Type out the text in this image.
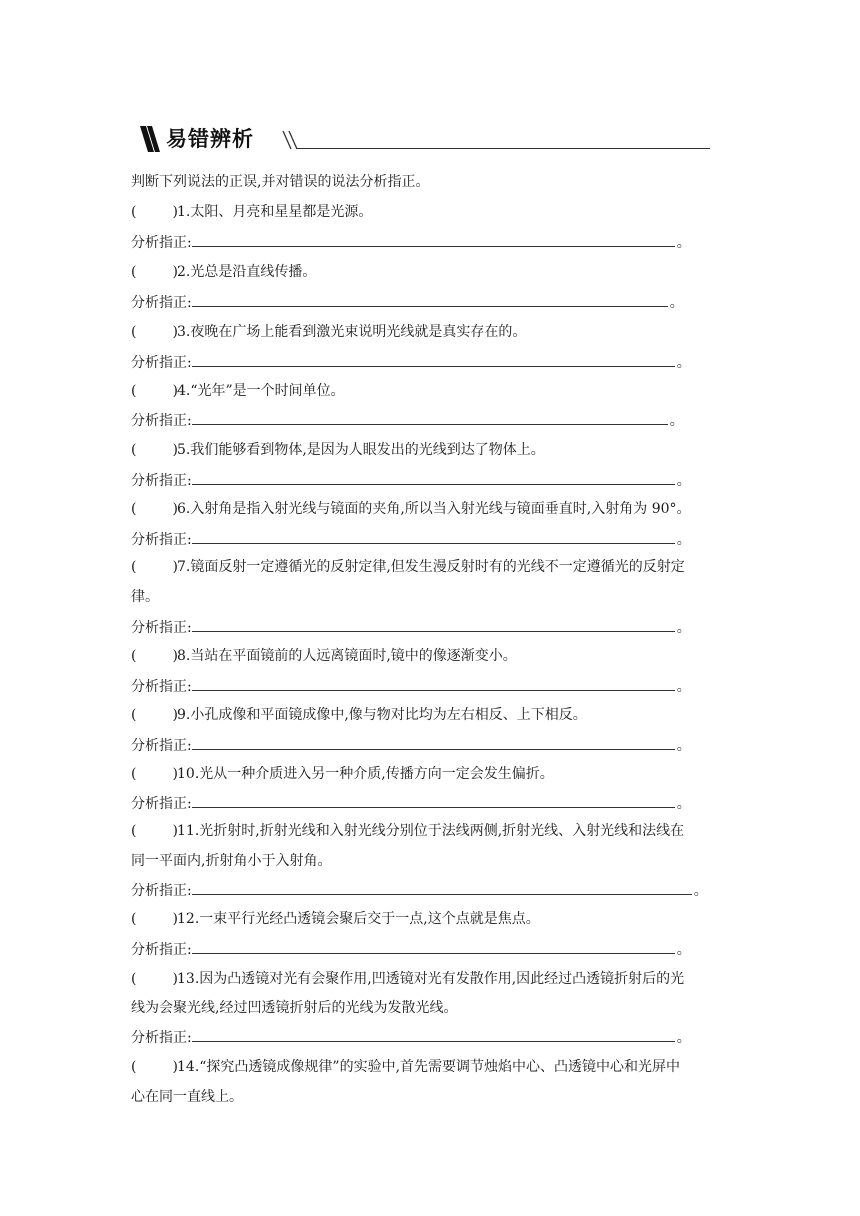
易错辨析
判断下列说法的正误,并对错误的说法分析指正。
(	)1.太阳、月亮和星星都是光源。
分析指正:	。
(	)2.光总是沿直线传播。
分析指正:	。
(	)3.夜晚在广场上能看到激光束说明光线就是真实存在的。
分析指正:	。
(	)4.“光年”是一个时间单位。
分析指正:	。
(	)5.我们能够看到物体,是因为人眼发出的光线到达了物体上。
分析指正:	。
(	)6.入射角是指入射光线与镜面的夹角,所以当入射光线与镜面垂直时,入射角为 90°。
分析指正:	。
(	)7.镜面反射一定遵循光的反射定律,但发生漫反射时有的光线不一定遵循光的反射定
律。
分析指正:	。
(	)8.当站在平面镜前的人远离镜面时,镜中的像逐渐变小。
分析指正:	。
(	)9.小孔成像和平面镜成像中,像与物对比均为左右相反、上下相反。
分析指正:	。
(	)10.光从一种介质进入另一种介质,传播方向一定会发生偏折。
分析指正:	。
(	)11.光折射时,折射光线和入射光线分别位于法线两侧,折射光线、入射光线和法线在
同一平面内,折射角小于入射角。
分析指正:	。
(	)12.一束平行光经凸透镜会聚后交于一点,这个点就是焦点。
分析指正:	。
(	)13.因为凸透镜对光有会聚作用,凹透镜对光有发散作用,因此经过凸透镜折射后的光
线为会聚光线,经过凹透镜折射后的光线为发散光线。
分析指正:	。
(	)14.“探究凸透镜成像规律”的实验中,首先需要调节烛焰中心、凸透镜中心和光屏中
心在同一直线上。
